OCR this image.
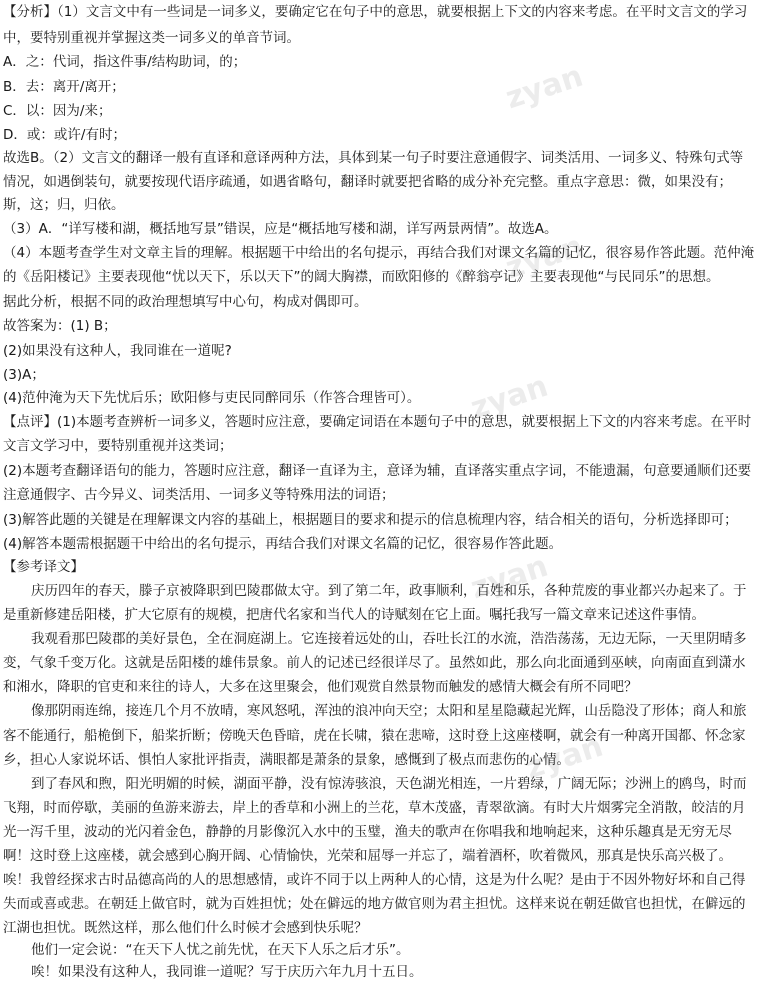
zyan
zyan
zyan
zyan
zyan
【分析】（1）文言文中有一些词是一词多义，要确定它在句子中的意思，就要根据上下文的内容来考虑。在平时文言文的学习
中，要特别重视并掌握这类一词多义的单音节词。
A．之：代词，指这件事/结构助词，的；
B．去：离开/离开；
C．以：因为/来；
D．或：或许/有时；
故选B。（2）文言文的翻译一般有直译和意译两种方法，具体到某一句子时要注意通假字、词类活用、一词多义、特殊句式等
情况，如遇倒装句，就要按现代语序疏通，如遇省略句，翻译时就要把省略的成分补充完整。重点字意思：微，如果没有；
斯，这；归，归依。
（3）A．“详写楼和湖，概括地写景”错误，应是“概括地写楼和湖，详写两景两情”。故选A。
（4）本题考查学生对文章主旨的理解。根据题干中给出的名句提示，再结合我们对课文名篇的记忆，很容易作答此题。范仲淹
的《岳阳楼记》主要表现他“忧以天下，乐以天下”的阔大胸襟，而欧阳修的《醉翁亭记》主要表现他“与民同乐”的思想。
据此分析，根据不同的政治理想填写中心句，构成对偶即可。
故答案为：(1) B；
(2)如果没有这种人，我同谁在一道呢?
(3)A；
(4)范仲淹为天下先忧后乐；欧阳修与吏民同醉同乐（作答合理皆可）。
【点评】(1)本题考查辨析一词多义，答题时应注意，要确定词语在本题句子中的意思，就要根据上下文的内容来考虑。在平时
文言文学习中，要特别重视并这类词；
(2)本题考查翻译语句的能力，答题时应注意，翻译一直译为主，意译为辅，直译落实重点字词，不能遗漏，句意要通顺们还要
注意通假字、古今异义、词类活用、一词多义等特殊用法的词语；
(3)解答此题的关键是在理解课文内容的基础上，根据题目的要求和提示的信息梳理内容，结合相关的语句，分析选择即可；
(4)解答本题需根据题干中给出的名句提示，再结合我们对课文名篇的记忆，很容易作答此题。
【参考译文】
庆历四年的春天，滕子京被降职到巴陵郡做太守。到了第二年，政事顺利，百姓和乐，各种荒废的事业都兴办起来了。于
是重新修建岳阳楼，扩大它原有的规模，把唐代名家和当代人的诗赋刻在它上面。嘱托我写一篇文章来记述这件事情。
我观看那巴陵郡的美好景色，全在洞庭湖上。它连接着远处的山，吞吐长江的水流，浩浩荡荡，无边无际，一天里阴晴多
变，气象千变万化。这就是岳阳楼的雄伟景象。前人的记述已经很详尽了。虽然如此，那么向北面通到巫峡，向南面直到潇水
和湘水，降职的官吏和来往的诗人，大多在这里聚会，他们观赏自然景物而触发的感情大概会有所不同吧？
像那阴雨连绵，接连几个月不放晴，寒风怒吼，浑浊的浪冲向天空；太阳和星星隐藏起光辉，山岳隐没了形体；商人和旅
客不能通行，船桅倒下，船桨折断；傍晚天色昏暗，虎在长啸，猿在悲啼，这时登上这座楼啊，就会有一种离开国都、怀念家
乡，担心人家说坏话、惧怕人家批评指责，满眼都是萧条的景象，感慨到了极点而悲伤的心情。
到了春风和煦，阳光明媚的时候，湖面平静，没有惊涛骇浪，天色湖光相连，一片碧绿，广阔无际；沙洲上的鸥鸟，时而
飞翔，时而停歇，美丽的鱼游来游去，岸上的香草和小洲上的兰花，草木茂盛，青翠欲滴。有时大片烟雾完全消散，皎洁的月
光一泻千里，波动的光闪着金色，静静的月影像沉入水中的玉璧，渔夫的歌声在你唱我和地响起来，这种乐趣真是无穷无尽
啊！这时登上这座楼，就会感到心胸开阔、心情愉快，光荣和屈辱一并忘了，端着酒杯，吹着微风，那真是快乐高兴极了。
唉！我曾经探求古时品德高尚的人的思想感情，或许不同于以上两种人的心情，这是为什么呢？是由于不因外物好坏和自己得
失而或喜或悲。在朝廷上做官时，就为百姓担忧；处在僻远的地方做官则为君主担忧。这样来说在朝廷做官也担忧，在僻远的
江湖也担忧。既然这样，那么他们什么时候才会感到快乐呢？
他们一定会说：“在天下人忧之前先忧，在天下人乐之后才乐”。
唉！如果没有这种人，我同谁一道呢？写于庆历六年九月十五日。
